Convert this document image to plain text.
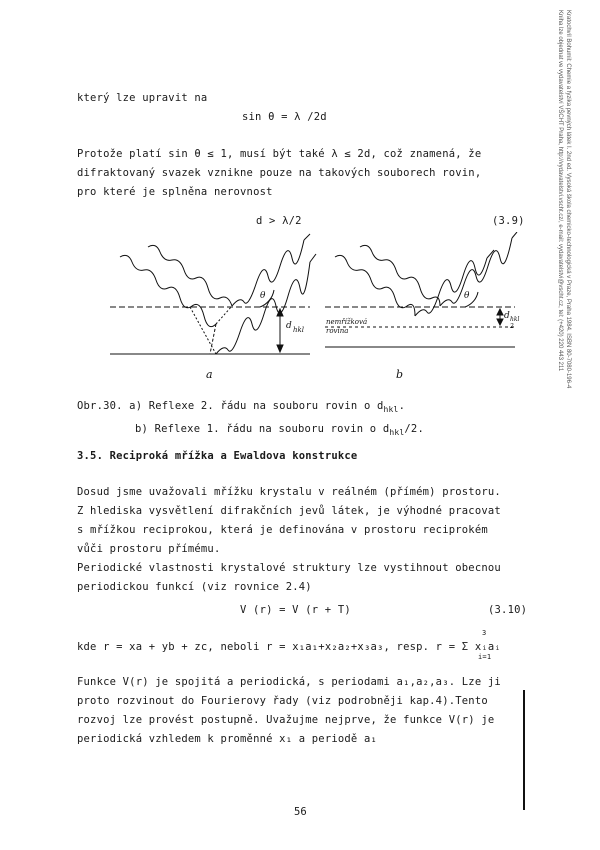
Kratochvíl Bohumil: Chemie a fyzika pevných látek I. 2nd ed. Vysoká škola chemicko-technologická v Praze, Praha 1984. ISBN 80-7080-196-4
Kniha lze objednat ve vydavatelství VŠCHT Praha, http://vydavatelstvi.vscht.cz/, e-mail: vydavatelstvi@vscht.cz, tel: (+420) 220 443 211
který lze upravit na
sin θ = λ /2d
Protože platí sin θ ≤ 1, musí být také λ ≤ 2d, což znamená, že
difraktovaný svazek vznikne pouze na takových souborech rovin,
pro které je splněna nerovnost
d > λ/2	(3.9)
θ
d hkl
θ
d hkl
2
nemřížková
rovina
a	b
Obr.30. a) Reflexe 2. řádu na souboru rovin o $d_{hkl}$.
b) Reflexe 1. řádu na souboru rovin o $d_{hkl}/2$.
3.5. Reciproká mřížka a Ewaldova konstrukce
Dosud jsme uvažovali mřížku krystalu v reálném (přímém) prostoru.
Z hlediska vysvětlení difrakčních jevů látek, je výhodné pracovat
s mřížkou reciprokou, která je definována v prostoru reciprokém
vůči prostoru přímému.
Periodické vlastnosti krystalové struktury lze vystihnout obecnou
periodickou funkcí (viz rovnice 2.4)
V (r) = V (r + T)	(3.10)
kde r = xa + yb + zc, neboli r = x₁a₁+x₂a₂+x₃a₃, resp. r = Σ xᵢaᵢ
3
i=1
Funkce V(r) je spojitá a periodická, s periodami a₁,a₂,a₃. Lze ji
proto rozvinout do Fourierovy řady (viz podrobněji kap.4).Tento
rozvoj lze provést postupně. Uvažujme nejprve, že funkce V(r) je
periodická vzhledem k proměnné x₁ a periodě a₁
56
